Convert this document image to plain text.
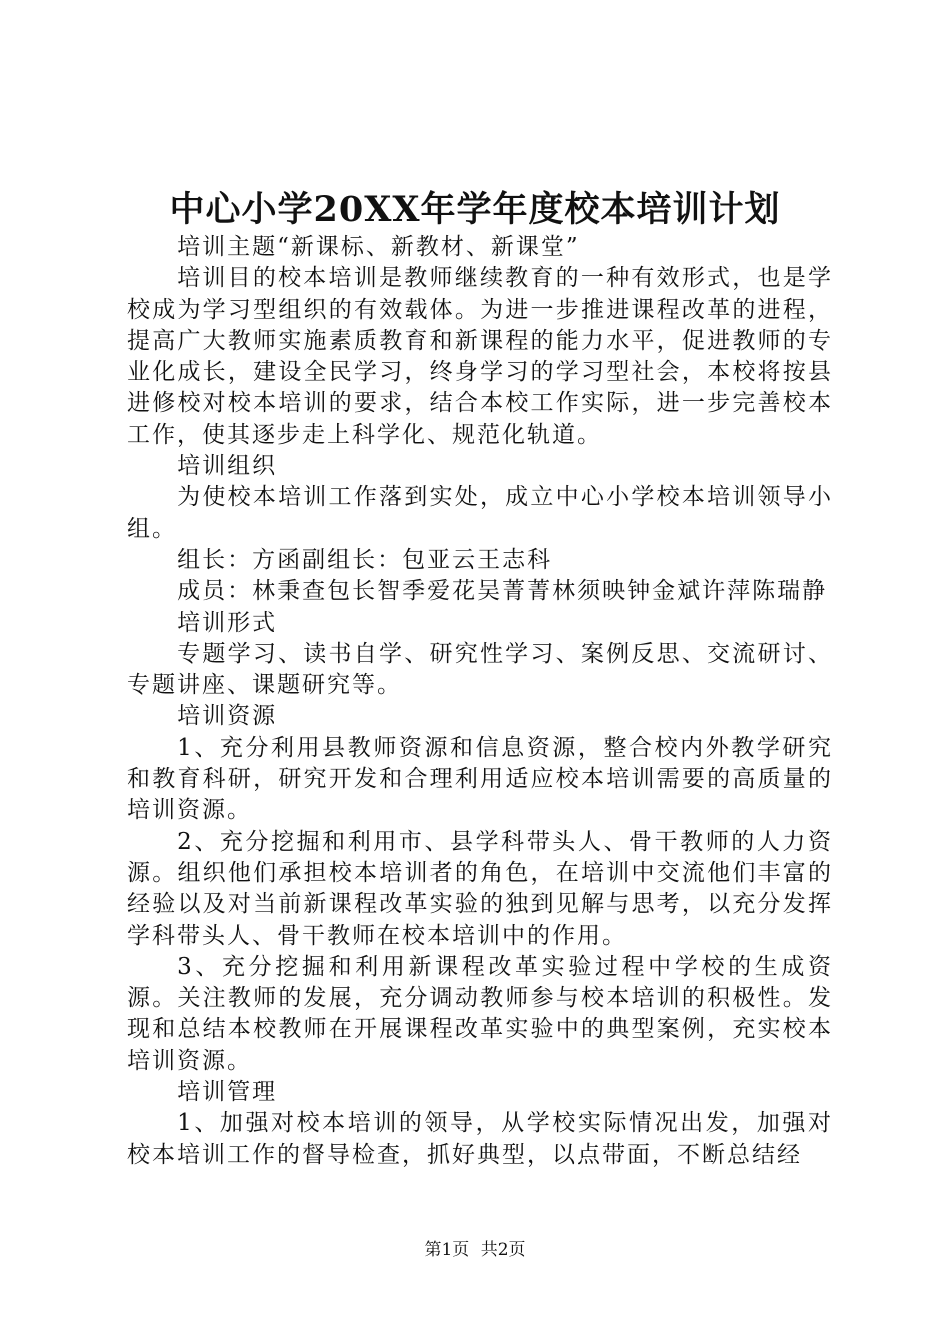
中心小学20XX年学年度校本培训计划

培训主题“新课标、新教材、新课堂”

培训目的校本培训是教师继续教育的一种有效形式，也是学校成为学习型组织的有效载体。为进一步推进课程改革的进程，提高广大教师实施素质教育和新课程的能力水平，促进教师的专业化成长，建设全民学习，终身学习的学习型社会，本校将按县进修校对校本培训的要求，结合本校工作实际，进一步完善校本工作，使其逐步走上科学化、规范化轨道。

培训组织

为使校本培训工作落到实处，成立中心小学校本培训领导小组。

组长：方函副组长：包亚云王志科

成员：林秉查包长智季爱花吴菁菁林须映钟金斌许萍陈瑞静

培训形式

专题学习、读书自学、研究性学习、案例反思、交流研讨、专题讲座、课题研究等。

培训资源

1、充分利用县教师资源和信息资源，整合校内外教学研究和教育科研，研究开发和合理利用适应校本培训需要的高质量的培训资源。

2、充分挖掘和利用市、县学科带头人、骨干教师的人力资源。组织他们承担校本培训者的角色，在培训中交流他们丰富的经验以及对当前新课程改革实验的独到见解与思考，以充分发挥学科带头人、骨干教师在校本培训中的作用。

3、充分挖掘和利用新课程改革实验过程中学校的生成资源。关注教师的发展，充分调动教师参与校本培训的积极性。发现和总结本校教师在开展课程改革实验中的典型案例，充实校本培训资源。

培训管理

1、加强对校本培训的领导，从学校实际情况出发，加强对校本培训工作的督导检查，抓好典型，以点带面，不断总结经

第1页 共2页
